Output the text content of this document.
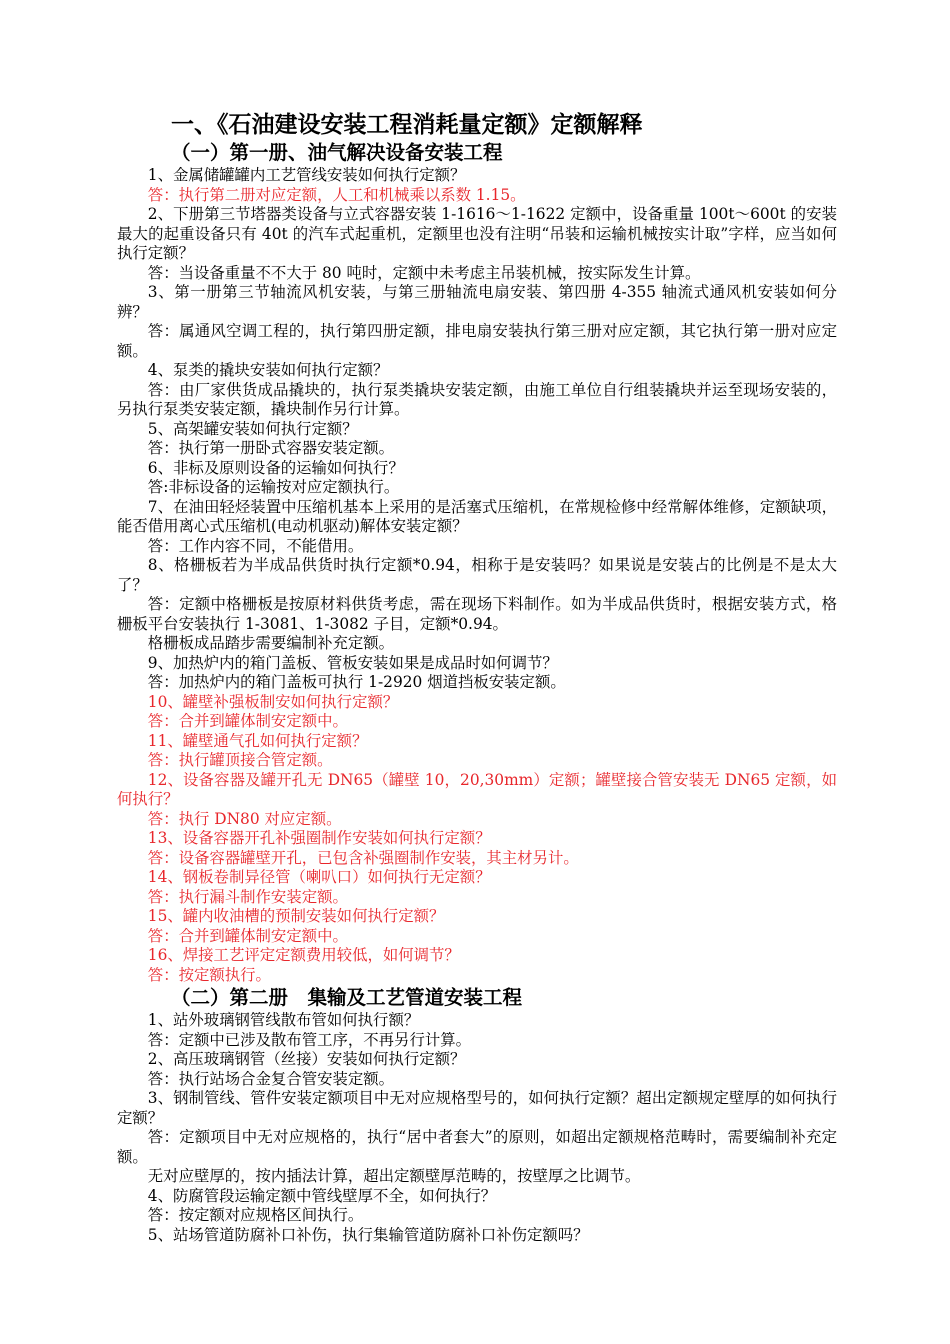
一、《石油建设安装工程消耗量定额》定额解释
（一）第一册、油气解决设备安装工程

1、金属储罐罐内工艺管线安装如何执行定额？

答：执行第二册对应定额，人工和机械乘以系数 1.15。

2、下册第三节塔器类设备与立式容器安装 1-1616～1-1622 定额中，设备重量 100t～600t 的安装最大的起重设备只有 40t 的汽车式起重机，定额里也没有注明“吊装和运输机械按实计取”字样，应当如何执行定额？

答：当设备重量不不大于 80 吨时，定额中未考虑主吊装机械，按实际发生计算。

3、第一册第三节轴流风机安装，与第三册轴流电扇安装、第四册 4-355 轴流式通风机安装如何分辨？

答：属通风空调工程的，执行第四册定额，排电扇安装执行第三册对应定额，其它执行第一册对应定额。

4、泵类的撬块安装如何执行定额？

答：由厂家供货成品撬块的，执行泵类撬块安装定额，由施工单位自行组装撬块并运至现场安装的，另执行泵类安装定额，撬块制作另行计算。

5、高架罐安装如何执行定额？

答：执行第一册卧式容器安装定额。

6、非标及原则设备的运输如何执行？

答:非标设备的运输按对应定额执行。

7、在油田轻烃装置中压缩机基本上采用的是活塞式压缩机，在常规检修中经常解体维修，定额缺项，能否借用离心式压缩机(电动机驱动)解体安装定额？

答：工作内容不同，不能借用。

8、格栅板若为半成品供货时执行定额*0.94，相称于是安装吗？如果说是安装占的比例是不是太大了？

答：定额中格栅板是按原材料供货考虑，需在现场下料制作。如为半成品供货时，根据安装方式，格栅板平台安装执行 1-3081、1-3082 子目，定额*0.94。

格栅板成品踏步需要编制补充定额。

9、加热炉内的箱门盖板、管板安装如果是成品时如何调节？

答：加热炉内的箱门盖板可执行 1-2920 烟道挡板安装定额。

10、罐壁补强板制安如何执行定额？

答：合并到罐体制安定额中。

11、罐壁通气孔如何执行定额？

答：执行罐顶接合管定额。

12、设备容器及罐开孔无 DN65（罐壁 10，20,30mm）定额；罐壁接合管安装无 DN65 定额，如何执行？

答：执行 DN80 对应定额。

13、设备容器开孔补强圈制作安装如何执行定额？

答：设备容器罐壁开孔，已包含补强圈制作安装，其主材另计。

14、钢板卷制异径管（喇叭口）如何执行无定额？

答：执行漏斗制作安装定额。

15、罐内收油槽的预制安装如何执行定额？

答：合并到罐体制安定额中。

16、焊接工艺评定定额费用较低，如何调节？

答：按定额执行。

（二）第二册　集输及工艺管道安装工程

1、站外玻璃钢管线散布管如何执行额？

答：定额中已涉及散布管工序，不再另行计算。

2、高压玻璃钢管（丝接）安装如何执行定额？

答：执行站场合金复合管安装定额。

3、钢制管线、管件安装定额项目中无对应规格型号的，如何执行定额？超出定额规定壁厚的如何执行定额？

答：定额项目中无对应规格的，执行“居中者套大”的原则，如超出定额规格范畴时，需要编制补充定额。

无对应壁厚的，按内插法计算，超出定额壁厚范畴的，按壁厚之比调节。

4、防腐管段运输定额中管线壁厚不全，如何执行？

答：按定额对应规格区间执行。

5、站场管道防腐补口补伤，执行集输管道防腐补口补伤定额吗？
